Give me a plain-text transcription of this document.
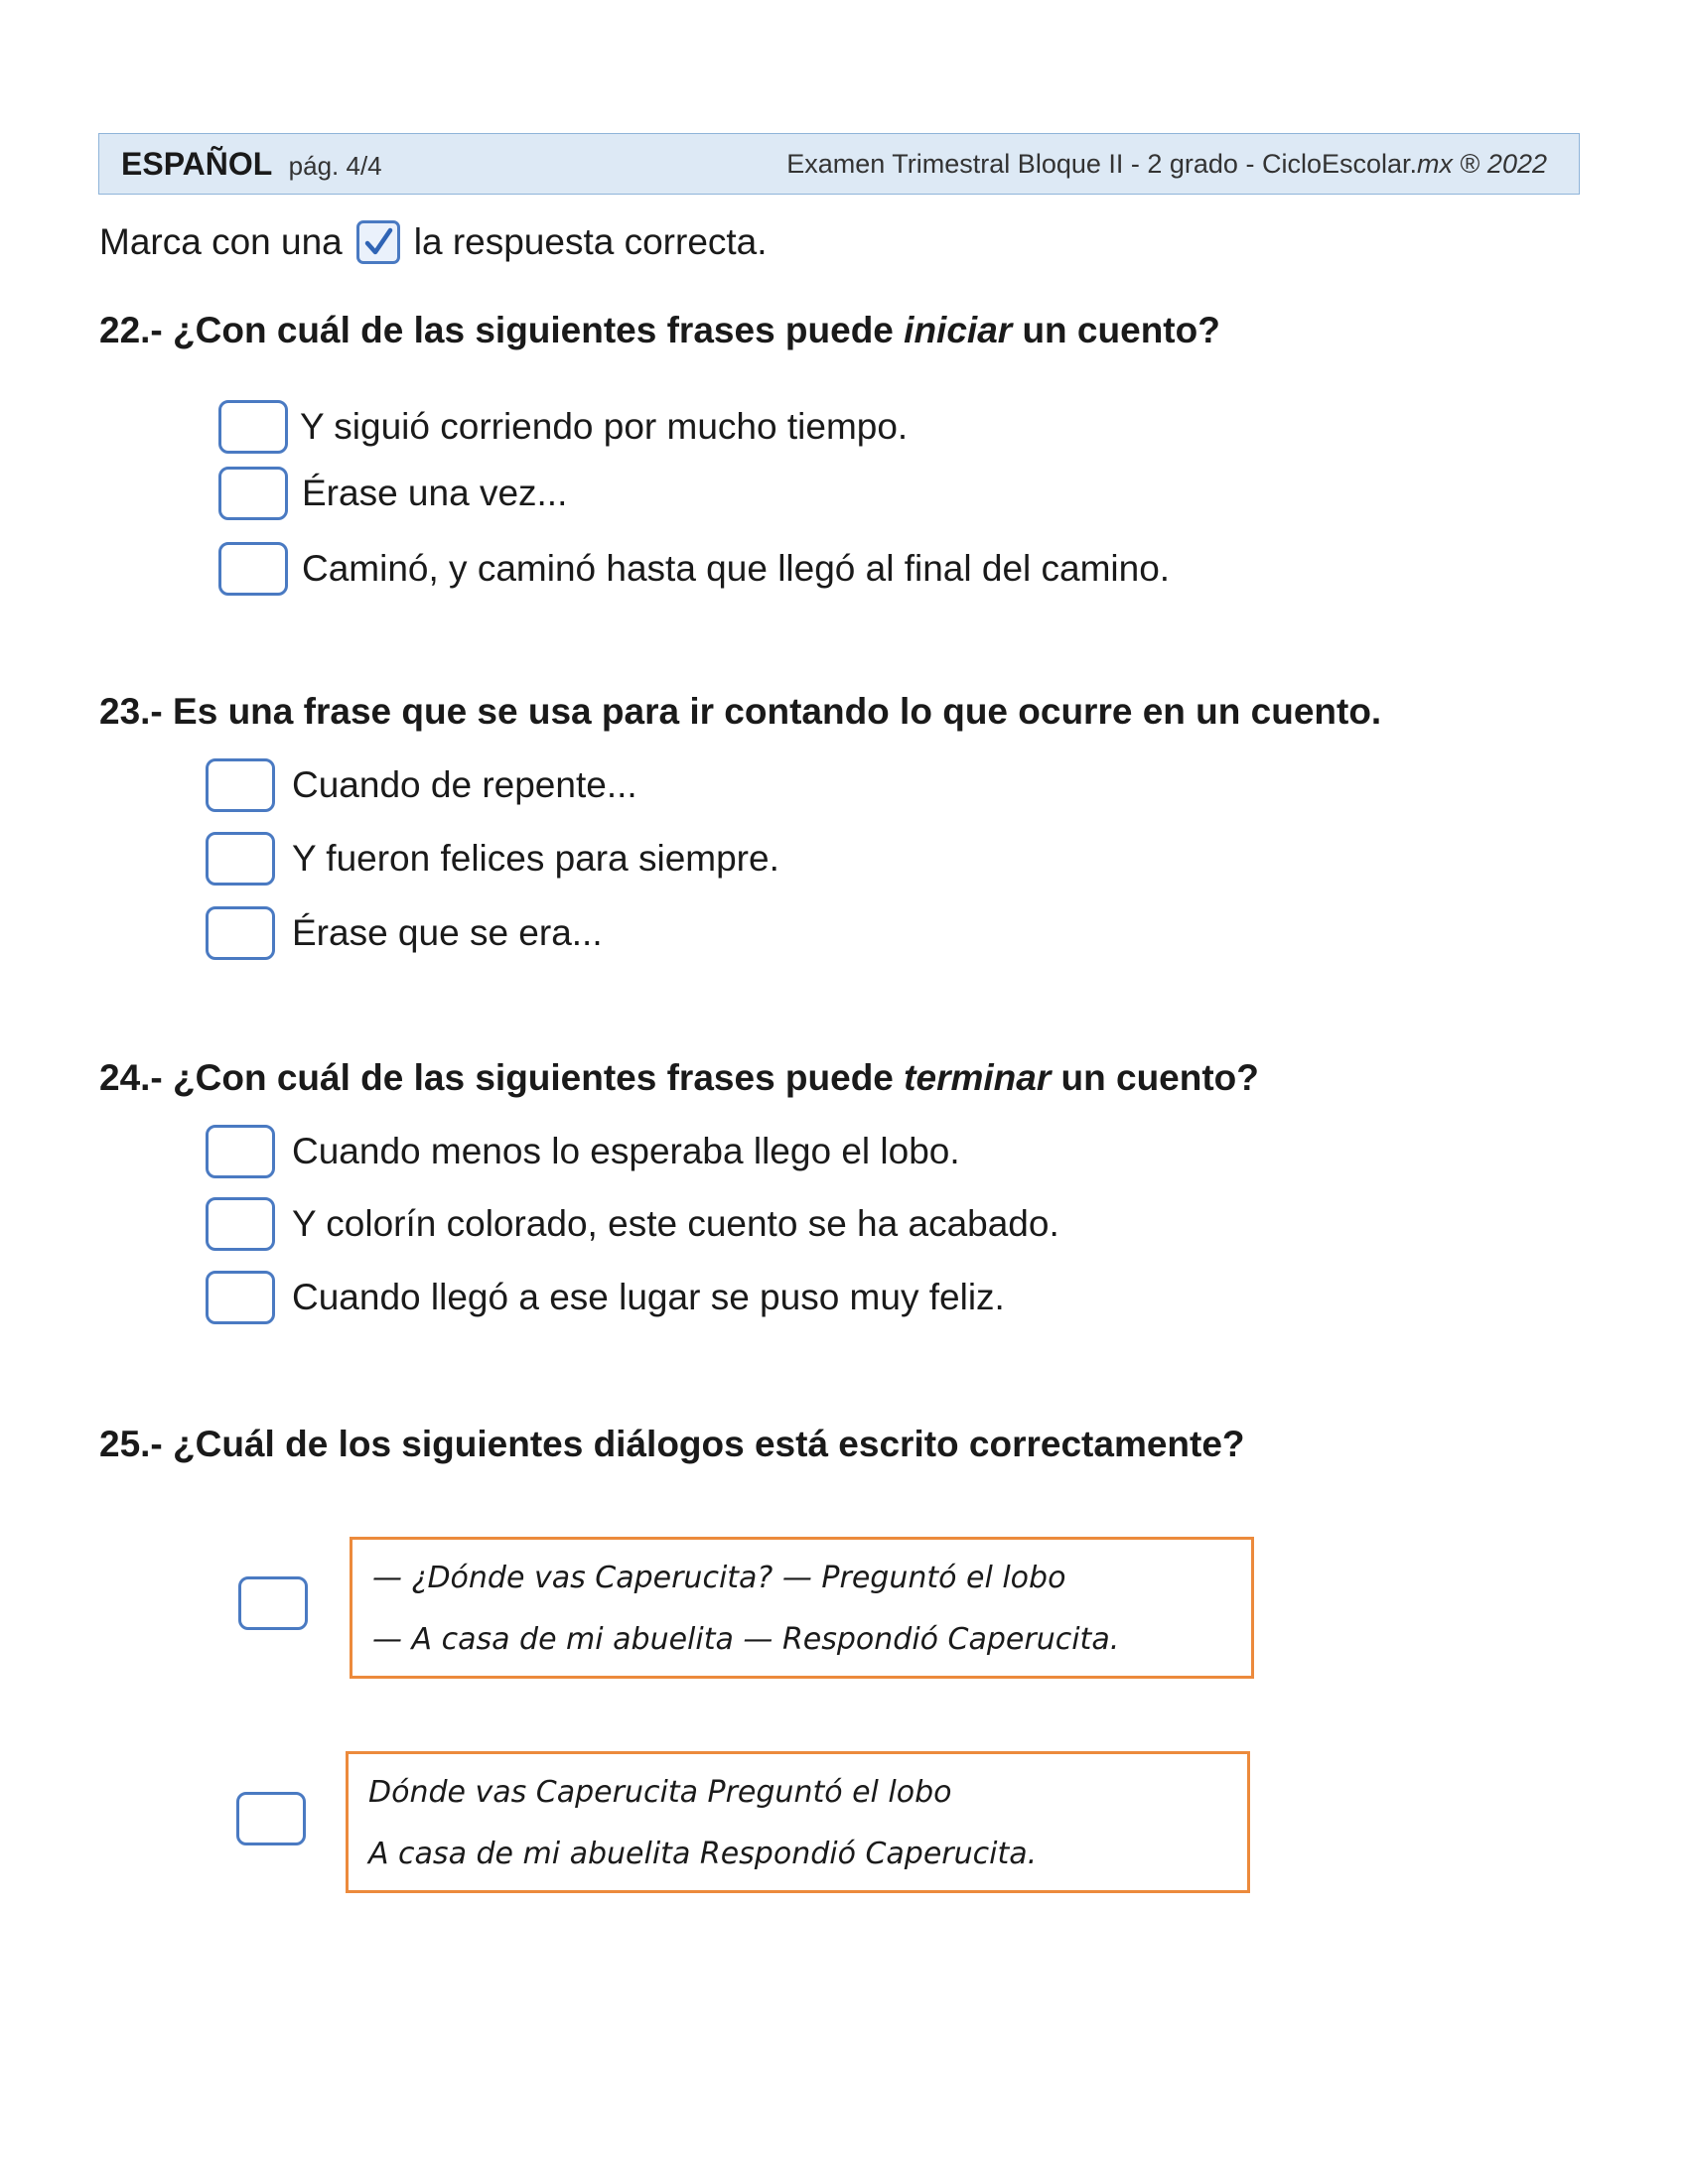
ESPAÑOL pág. 4/4	Examen Trimestral Bloque II - 2 grado - CicloEscolar.mx ® 2022
Marca con una la respuesta correcta.
22.- ¿Con cuál de las siguientes frases puede iniciar un cuento?
Y siguió corriendo por mucho tiempo.
Érase una vez...
Caminó, y caminó hasta que llegó al final del camino.
23.- Es una frase que se usa para ir contando lo que ocurre en un cuento.
Cuando de repente...
Y fueron felices para siempre.
Érase que se era...
24.- ¿Con cuál de las siguientes frases puede terminar un cuento?
Cuando menos lo esperaba llego el lobo.
Y colorín colorado, este cuento se ha acabado.
Cuando llegó a ese lugar se puso muy feliz.
25.- ¿Cuál de los siguientes diálogos está escrito correctamente?
— ¿Dónde vas Caperucita? — Preguntó el lobo
— A casa de mi abuelita — Respondió Caperucita.
Dónde vas Caperucita Preguntó el lobo
A casa de mi abuelita Respondió Caperucita.
